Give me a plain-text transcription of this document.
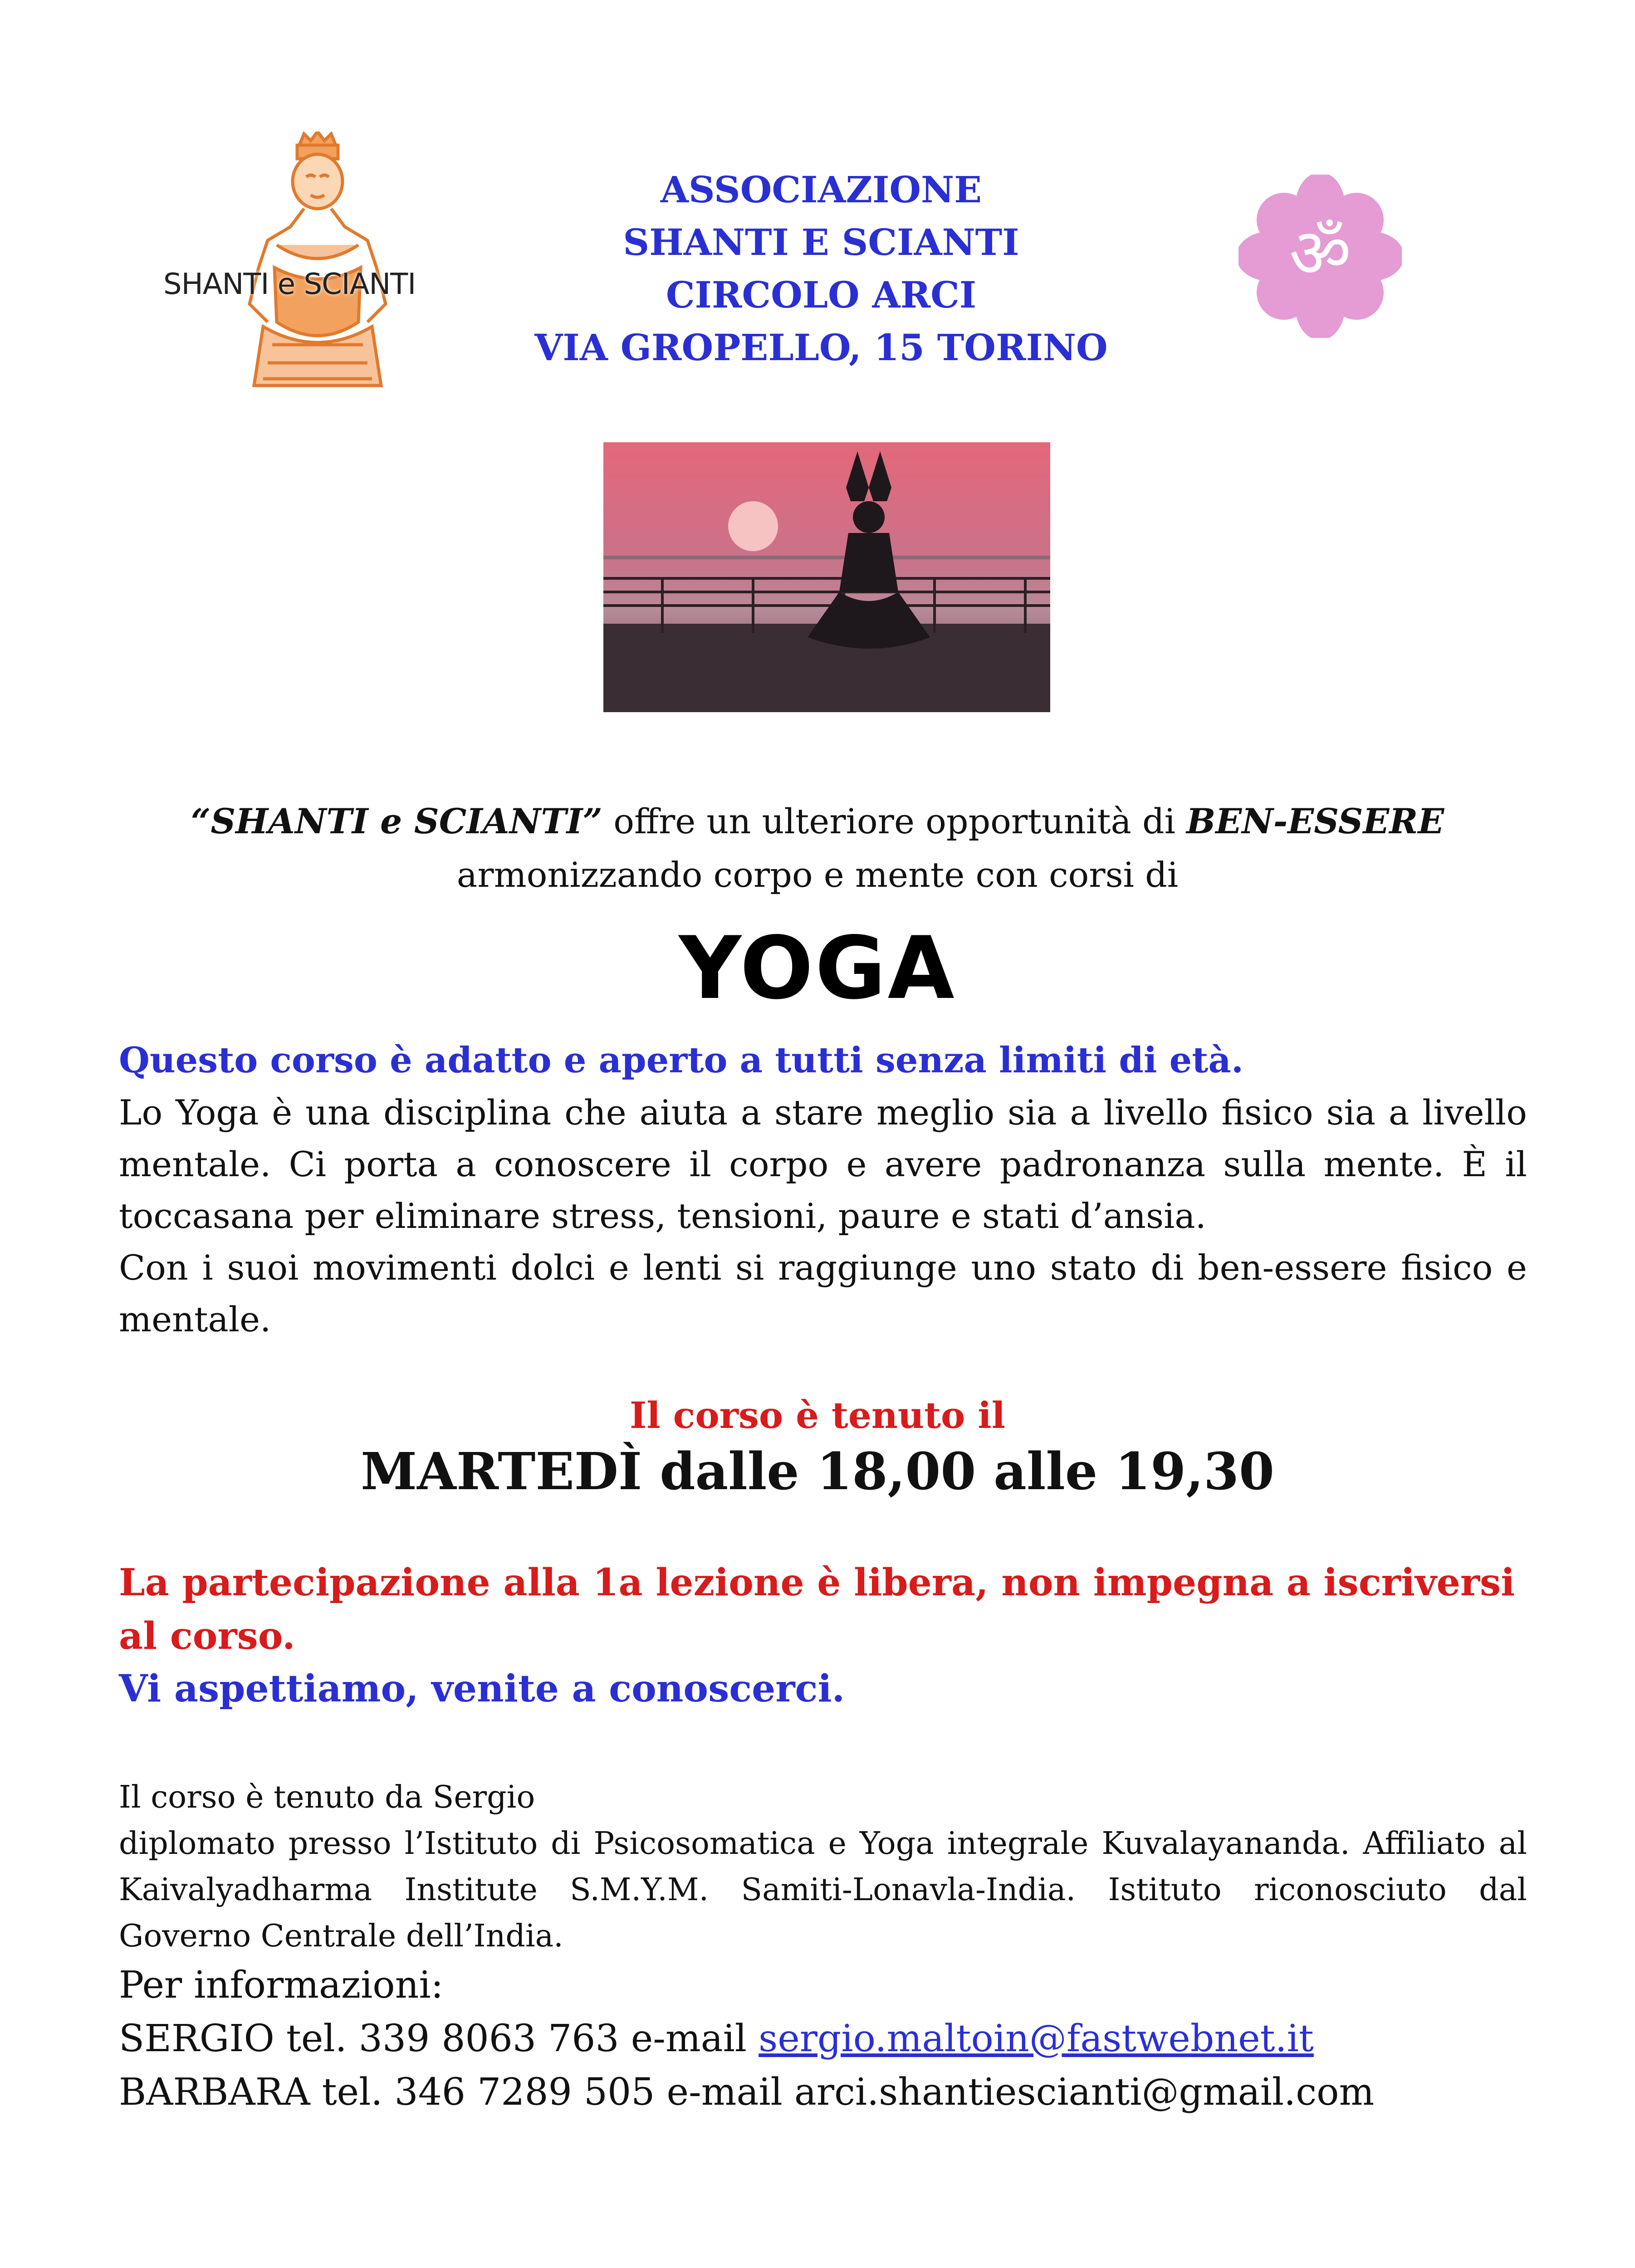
SHANTI e SCIANTI
ASSOCIAZIONE
SHANTI E SCIANTI
CIRCOLO ARCI
VIA GROPELLO, 15 TORINO
ॐ
“SHANTI e SCIANTI” offre un ulteriore opportunità di BEN-ESSERE
armonizzando corpo e mente con corsi di
YOGA
Questo corso è adatto e aperto a tutti senza limiti di età.

Lo Yoga è una disciplina che aiuta a stare meglio sia a livello fisico sia a livello mentale. Ci porta a conoscere il corpo e avere padronanza sulla mente. È il toccasana per eliminare stress, tensioni, paure e stati d’ansia.

Con i suoi movimenti dolci e lenti si raggiunge uno stato di ben-essere fisico e mentale.

Il corso è tenuto il
MARTEDÌ dalle 18,00 alle 19,30
La partecipazione alla 1a lezione è libera, non impegna a iscriversi al corso.
Vi aspettiamo, venite a conoscerci.

Il corso è tenuto da Sergio

diplomato presso l’Istituto di Psicosomatica e Yoga integrale Kuvalayananda. Affiliato al Kaivalyadharma Institute S.M.Y.M. Samiti-Lonavla-India. Istituto riconosciuto dal Governo Centrale dell’India.

Per informazioni:
SERGIO tel. 339 8063 763 e-mail sergio.maltoin@fastwebnet.it
BARBARA tel. 346 7289 505 e-mail arci.shantiescianti@gmail.com
